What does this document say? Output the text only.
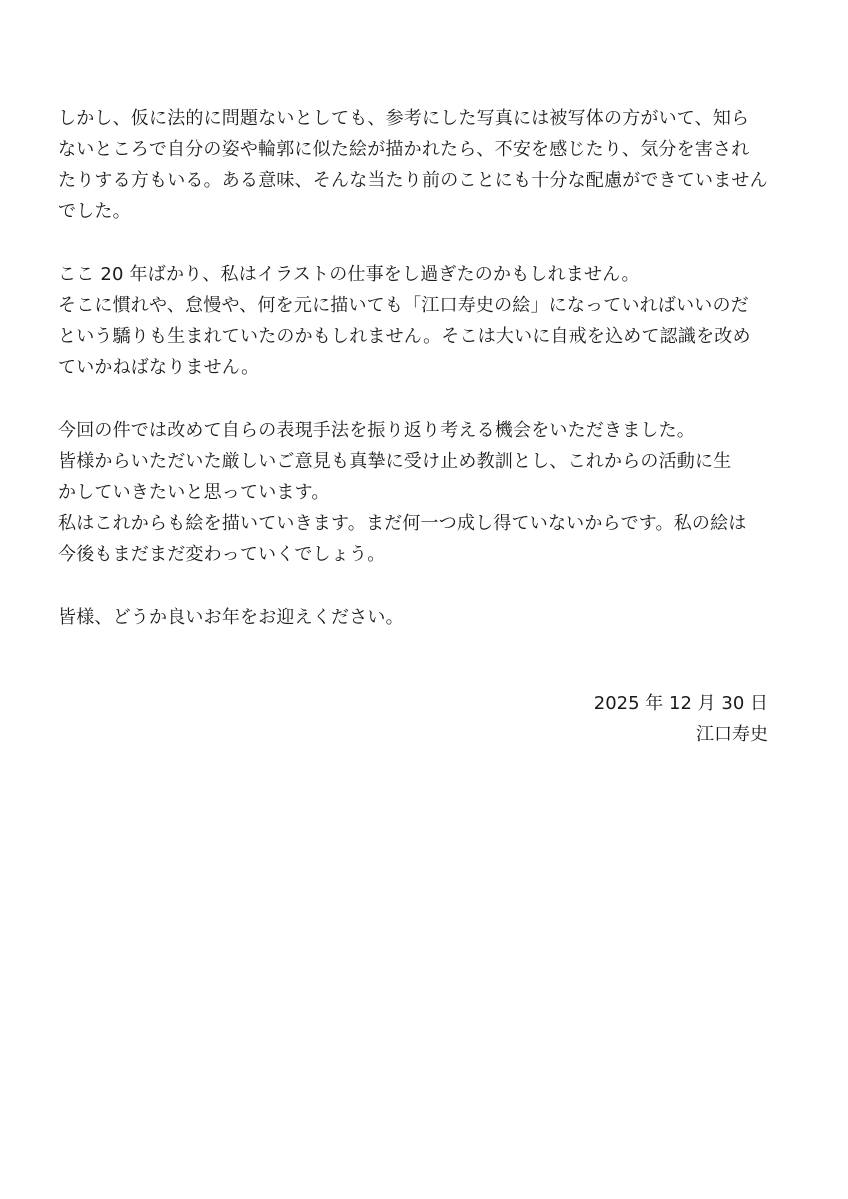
しかし、仮に法的に問題ないとしても、参考にした写真には被写体の方がいて、知ら
ないところで自分の姿や輪郭に似た絵が描かれたら、不安を感じたり、気分を害され
たりする方もいる。ある意味、そんな当たり前のことにも十分な配慮ができていません
でした。

ここ 20 年ばかり、私はイラストの仕事をし過ぎたのかもしれません。
そこに慣れや、怠慢や、何を元に描いても「江口寿史の絵」になっていればいいのだ
という驕りも生まれていたのかもしれません。そこは大いに自戒を込めて認識を改め
ていかねばなりません。

今回の件では改めて自らの表現手法を振り返り考える機会をいただきました。
皆様からいただいた厳しいご意見も真摯に受け止め教訓とし、これからの活動に生
かしていきたいと思っています。
私はこれからも絵を描いていきます。まだ何一つ成し得ていないからです。私の絵は
今後もまだまだ変わっていくでしょう。

皆様、どうか良いお年をお迎えください。

2025 年 12 月 30 日
江口寿史
